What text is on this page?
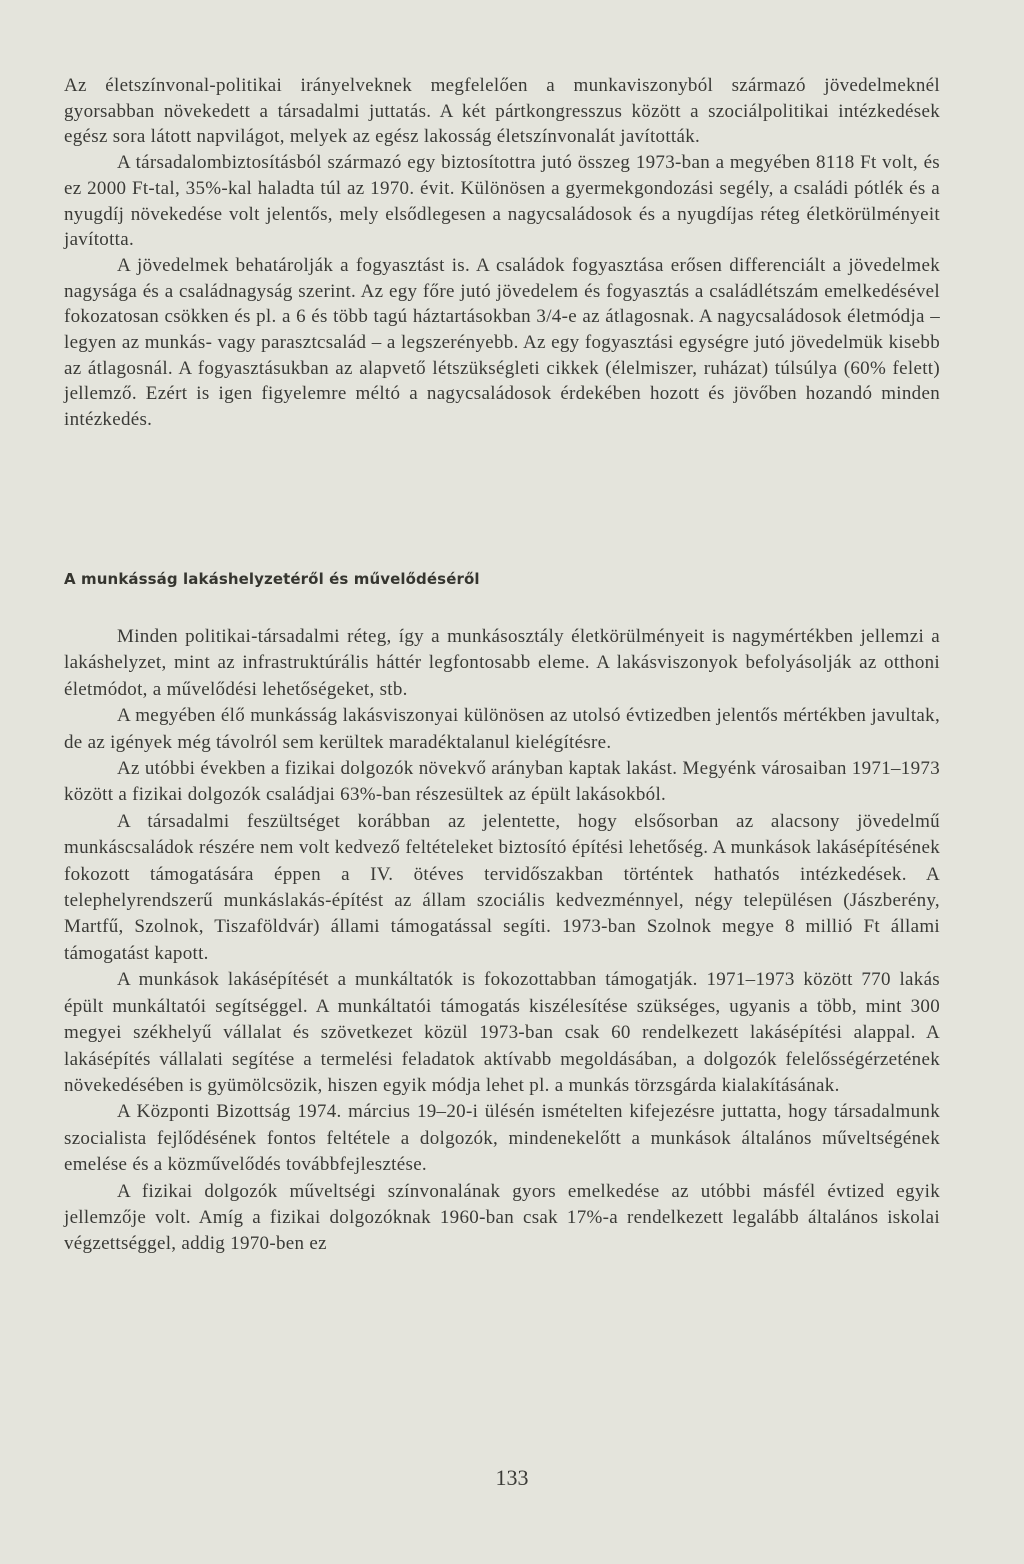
Az életszínvonal-politikai irányelveknek megfelelően a munkaviszonyból származó jövedelmeknél gyorsabban növekedett a társadalmi juttatás. A két pártkongresszus között a szociálpolitikai intézkedések egész sora látott napvilágot, melyek az egész lakosság életszínvonalát javították.

A társadalombiztosításból származó egy biztosítottra jutó összeg 1973-ban a megyében 8118 Ft volt, és ez 2000 Ft-tal, 35%-kal haladta túl az 1970. évit. Különösen a gyermekgondozási segély, a családi pótlék és a nyugdíj növekedése volt jelentős, mely elsődlegesen a nagycsaládosok és a nyugdíjas réteg életkörülményeit javította.

A jövedelmek behatárolják a fogyasztást is. A családok fogyasztása erősen differenciált a jövedelmek nagysága és a családnagyság szerint. Az egy főre jutó jövedelem és fogyasztás a családlétszám emelkedésével fokozatosan csökken és pl. a 6 és több tagú háztartásokban 3/4-e az átlagosnak. A nagycsaládosok életmódja – legyen az munkás- vagy parasztcsalád – a legszerényebb. Az egy fogyasztási egységre jutó jövedelmük kisebb az átlagosnál. A fogyasztásukban az alapvető létszükségleti cikkek (élelmiszer, ruházat) túlsúlya (60% felett) jellemző. Ezért is igen figyelemre méltó a nagycsaládosok érdekében hozott és jövőben hozandó minden intézkedés.

A munkásság lakáshelyzetéről és művelődéséről

Minden politikai-társadalmi réteg, így a munkásosztály életkörülményeit is nagymértékben jellemzi a lakáshelyzet, mint az infrastruktúrális háttér legfontosabb eleme. A lakásviszonyok befolyásolják az otthoni életmódot, a művelődési lehetőségeket, stb.

A megyében élő munkásság lakásviszonyai különösen az utolsó évtizedben jelentős mértékben javultak, de az igények még távolról sem kerültek maradéktalanul kielégítésre.

Az utóbbi években a fizikai dolgozók növekvő arányban kaptak lakást. Megyénk városaiban 1971–1973 között a fizikai dolgozók családjai 63%-ban részesültek az épült lakásokból.

A társadalmi feszültséget korábban az jelentette, hogy elsősorban az alacsony jövedelmű munkáscsaládok részére nem volt kedvező feltételeket biztosító építési lehetőség. A munkások lakásépítésének fokozott támogatására éppen a IV. ötéves tervidőszakban történtek hathatós intézkedések. A telephelyrendszerű munkáslakás-építést az állam szociális kedvezménnyel, négy településen (Jászberény, Martfű, Szolnok, Tiszaföldvár) állami támogatással segíti. 1973-ban Szolnok megye 8 millió Ft állami támogatást kapott.

A munkások lakásépítését a munkáltatók is fokozottabban támogatják. 1971–1973 között 770 lakás épült munkáltatói segítséggel. A munkáltatói támogatás kiszélesítése szükséges, ugyanis a több, mint 300 megyei székhelyű vállalat és szövetkezet közül 1973-ban csak 60 rendelkezett lakásépítési alappal. A lakásépítés vállalati segítése a termelési feladatok aktívabb megoldásában, a dolgozók felelősségérzetének növekedésében is gyümölcsözik, hiszen egyik módja lehet pl. a munkás törzsgárda kialakításának.

A Központi Bizottság 1974. március 19–20-i ülésén ismételten kifejezésre juttatta, hogy társadalmunk szocialista fejlődésének fontos feltétele a dolgozók, mindenekelőtt a munkások általános műveltségének emelése és a közművelődés továbbfejlesztése.

A fizikai dolgozók műveltségi színvonalának gyors emelkedése az utóbbi másfél évtized egyik jellemzője volt. Amíg a fizikai dolgozóknak 1960-ban csak 17%-a rendelkezett legalább általános iskolai végzettséggel, addig 1970-ben ez

133
